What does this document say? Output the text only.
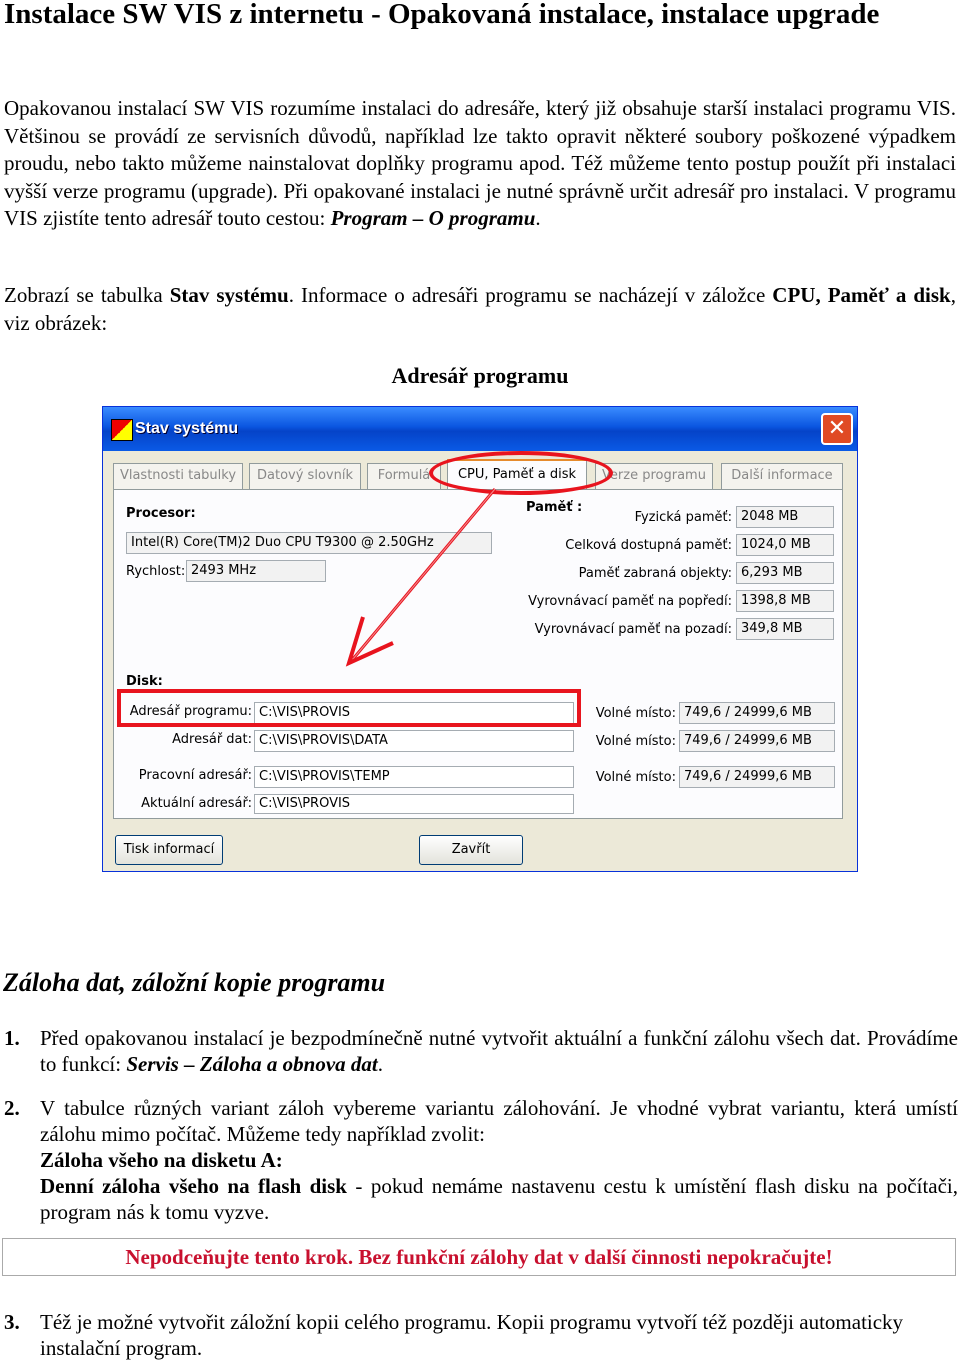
Instalace SW VIS z internetu - Opakovaná instalace, instalace upgrade

Opakovanou instalací SW VIS rozumíme instalaci do adresáře, který již obsahuje starší instalaci programu VIS. Většinou se provádí ze servisních důvodů, například lze takto opravit některé soubory poškozené výpadkem proudu, nebo takto můžeme nainstalovat doplňky programu apod. Též můžeme tento postup použít při instalaci vyšší verze programu (upgrade). Při opakované instalaci je nutné správně určit adresář pro instalaci. V programu VIS zjistíte tento adresář touto cestou: Program – O programu.

Zobrazí se tabulka Stav systému. Informace o adresáři programu se nacházejí v záložce CPU, Paměť a disk, viz obrázek:

Adresář programu
Stav systému	✕
Vlastnosti tabulky	Datový slovník	Formulá	Verze programu	Další informace
CPU, Paměť a disk
Procesor:
Intel(R) Core(TM)2 Duo CPU T9300 @ 2.50GHz
Rychlost: 2493 MHz
Paměť :
Fyzická paměť: 2048 MB
Celková dostupná paměť: 1024,0 MB
Paměť zabraná objekty: 6,293 MB
Vyrovnávací paměť na popředí: 1398,8 MB
Vyrovnávací paměť na pozadí: 349,8 MB
Disk:
Adresář programu: C:\VIS\PROVIS	Volné místo: 749,6 / 24999,6 MB
Adresář dat: C:\VIS\PROVIS\DATA	Volné místo: 749,6 / 24999,6 MB
Pracovní adresář: C:\VIS\PROVIS\TEMP	Volné místo: 749,6 / 24999,6 MB
Aktuální adresář: C:\VIS\PROVIS
Tisk informací	Zavřít
Záloha dat, záložní kopie programu
1. Před opakovanou instalací je bezpodmínečně nutné vytvořit aktuální a funkční zálohu všech dat. Provádíme to funkcí: Servis – Záloha a obnova dat.
2. V tabulce různých variant záloh vybereme variantu zálohování. Je vhodné vybrat variantu, která umístí zálohu mimo počítač. Můžeme tedy například zvolit:
Záloha všeho na disketu A:
Denní záloha všeho na flash disk - pokud nemáme nastavenu cestu k umístění flash disku na počítači, program nás k tomu vyzve.
Nepodceňujte tento krok. Bez funkční zálohy dat v další činnosti nepokračujte!
3. Též je možné vytvořit záložní kopii celého programu. Kopii programu vytvoří též později automaticky instalační program.
